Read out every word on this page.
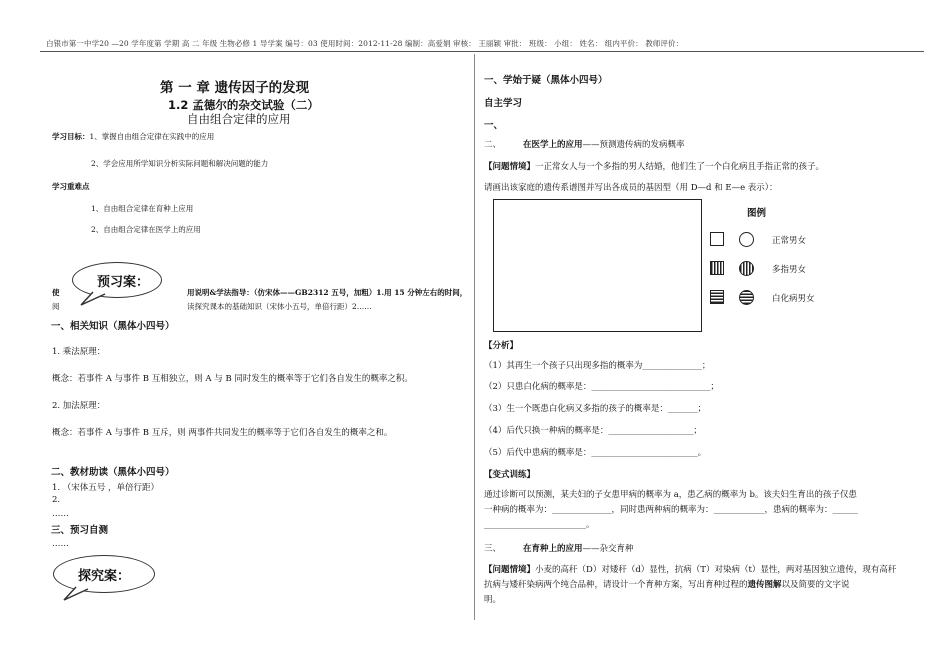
白银市第一中学20 —20 学年度第 学期 高 二 年级 生物必修 1 导学案 编号：03 使用时间：2012-11-28 编制：高爱娟 审核： 王丽颖 审批： 班级： 小组： 姓名： 组内平价： 教师评价：
第 一 章 遗传因子的发现
1.2 孟德尔的杂交试验（二）
自由组合定律的应用
学习目标：1、掌握自由组合定律在实践中的应用
2、学会应用所学知识分析实际问题和解决问题的能力
学习重难点
1、自由组合定律在育种上应用
2、自由组合定律在医学上的应用
预习案：
使
阅
用说明&学法指导：（仿宋体——GB2312 五号，加粗）1.用 15 分钟左右的时间，
读探究课本的基础知识（宋体小五号，单倍行距）2……
一、相关知识（黑体小四号）
1. 乘法原理：
概念：若事件 A 与事件 B 互相独立，则 A 与 B 同时发生的概率等于它们各自发生的概率之积。
2. 加法原理：
概念：若事件 A 与事件 B 互斥，则 两事件共同发生的概率等于它们各自发生的概率之和。
二、教材助读（黑体小四号）
1. （宋体五号 ，单倍行距）
2.
……
三、预习自测
……
探究案：
一、学始于疑（黑体小四号）
自主学习
一、
二、	在医学上的应用——预测遗传病的发病概率
【问题情境】一正常女人与一个多指的男人结婚，他们生了一个白化病且手指正常的孩子。
请画出该家庭的遗传系谱图并写出各成员的基因型（用 D—d 和 E—e 表示）：
图例
正常男女
多指男女
白化病男女
【分析】
（1）其再生一个孩子只出现多指的概率为______________；
（2）只患白化病的概率是：____________________________；
（3）生一个既患白化病又多指的孩子的概率是：_______；
（4）后代只换一种病的概率是：____________________；
（5）后代中患病的概率是：_________________________。
【变式训练】
通过诊断可以预测，某夫妇的子女患甲病的概率为 a，患乙病的概率为 b。该夫妇生育出的孩子仅患
一种病的概率为：______________，同时患两种病的概率为：____________，患病的概率为：______
________________________。
三、	在育种上的应用——杂交育种
【问题情境】小麦的高秆（D）对矮秆（d）显性，抗病（T）对染病（t）显性，两对基因独立遗传，现有高秆
抗病与矮秆染病两个纯合品种，请设计一个育种方案，写出育种过程的遗传图解以及简要的文字说
明。
